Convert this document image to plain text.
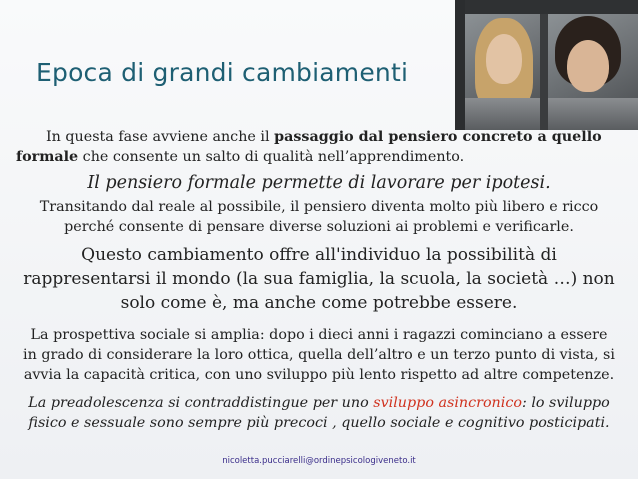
Epoca di grandi cambiamenti

In questa fase avviene anche il passaggio dal pensiero concreto a quello
formale che consente un salto di qualità nell’apprendimento.

Il pensiero formale permette di lavorare per ipotesi.

Transitando dal reale al possibile, il pensiero diventa molto più libero e ricco
perché consente di pensare diverse soluzioni ai problemi e verificarle.

Questo cambiamento offre all'individuo la possibilità di
rappresentarsi il mondo (la sua famiglia, la scuola, la società …) non
solo come è, ma anche come potrebbe essere.

La prospettiva sociale si amplia: dopo i dieci anni i ragazzi cominciano a essere
in grado di considerare la loro ottica, quella dell’altro e un terzo punto di vista, si
avvia la capacità critica, con uno sviluppo più lento rispetto ad altre competenze.

La preadolescenza si contraddistingue per uno sviluppo asincronico: lo sviluppo
fisico e sessuale sono sempre più precoci , quello sociale e cognitivo posticipati.

nicoletta.pucciarelli@ordinepsicologiveneto.it
